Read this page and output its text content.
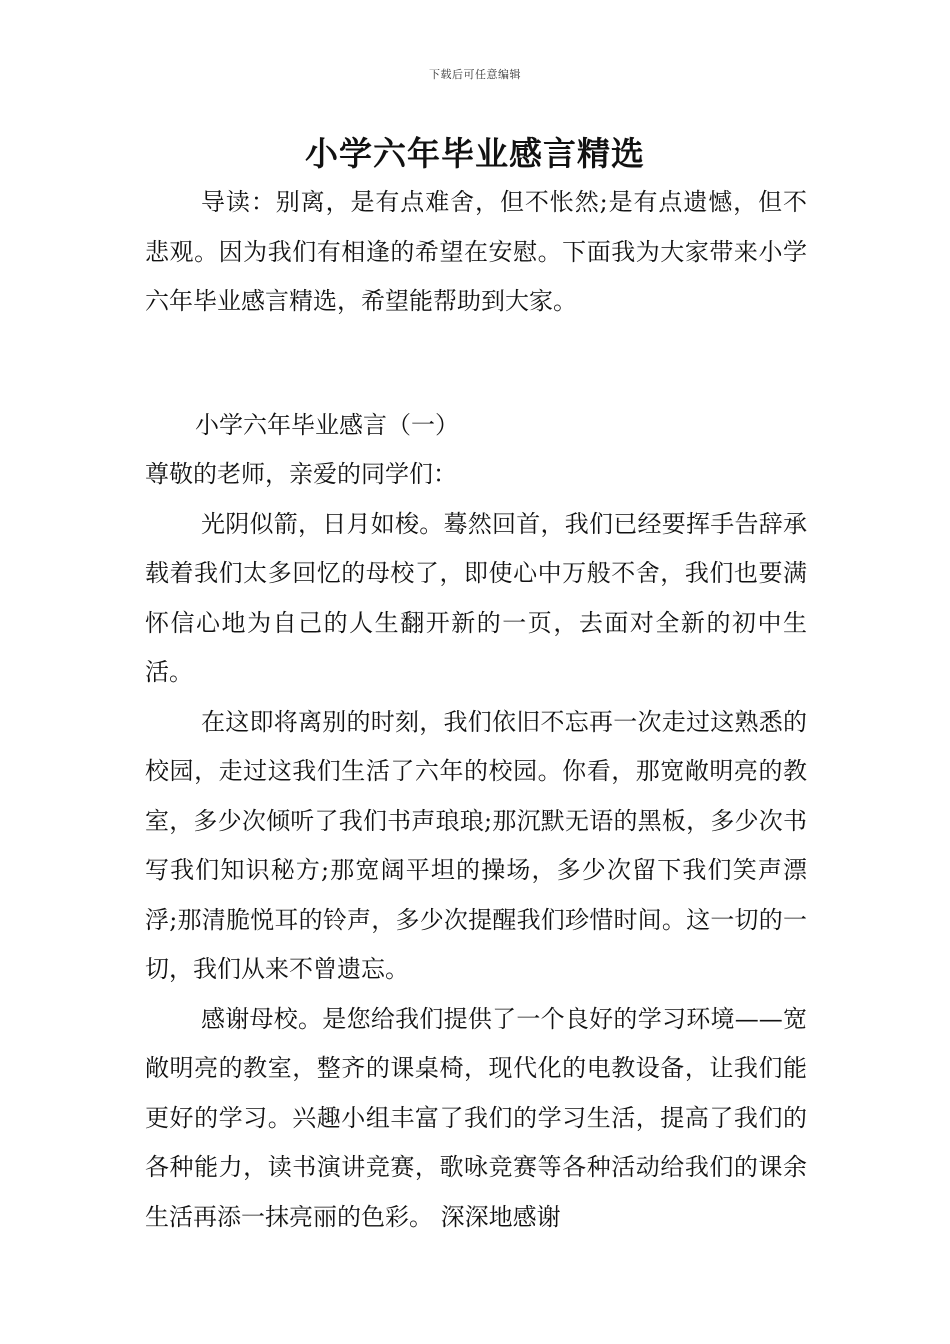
下载后可任意编辑
小学六年毕业感言精选

导读：别离，是有点难舍，但不怅然;是有点遗憾，但不悲观。因为我们有相逢的希望在安慰。下面我为大家带来小学六年毕业感言精选，希望能帮助到大家。

小学六年毕业感言（一）

尊敬的老师，亲爱的同学们：

光阴似箭，日月如梭。蓦然回首，我们已经要挥手告辞承载着我们太多回忆的母校了，即使心中万般不舍，我们也要满怀信心地为自己的人生翻开新的一页，去面对全新的初中生活。

在这即将离别的时刻，我们依旧不忘再一次走过这熟悉的校园，走过这我们生活了六年的校园。你看，那宽敞明亮的教室，多少次倾听了我们书声琅琅;那沉默无语的黑板，多少次书写我们知识秘方;那宽阔平坦的操场，多少次留下我们笑声漂浮;那清脆悦耳的铃声，多少次提醒我们珍惜时间。这一切的一切，我们从来不曾遗忘。

感谢母校。是您给我们提供了一个良好的学习环境——宽敞明亮的教室，整齐的课桌椅，现代化的电教设备，让我们能更好的学习。兴趣小组丰富了我们的学习生活，提高了我们的各种能力，读书演讲竞赛，歌咏竞赛等各种活动给我们的课余生活再添一抹亮丽的色彩。 深深地感谢
